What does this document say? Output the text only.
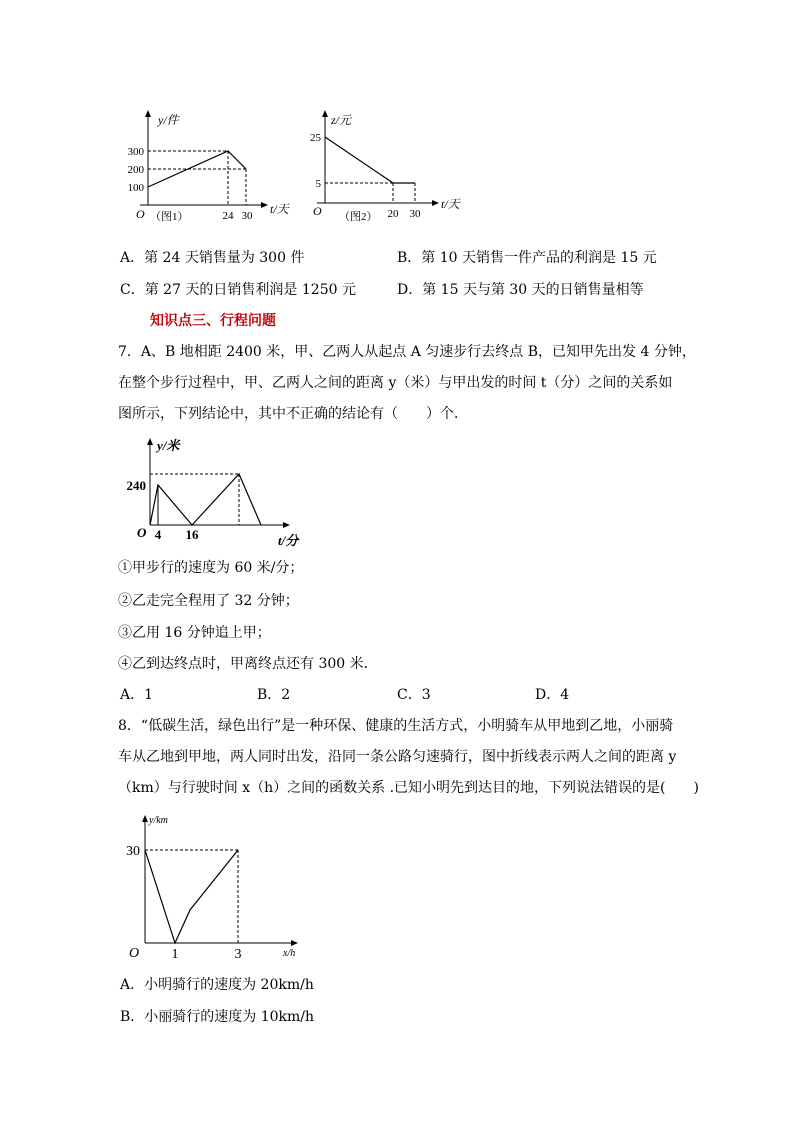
y/件
300
200
100
O （图1）	24 30 t/天
z/元
25
5
O （图2） 20 30
t/天
A．第 24 天销售量为 300 件	B．第 10 天销售一件产品的利润是 15 元
C．第 27 天的日销售利润是 1250 元	D．第 15 天与第 30 天的日销售量相等
知识点三、行程问题
7．A、B 地相距 2400 米，甲、乙两人从起点 A 匀速步行去终点 B，已知甲先出发 4 分钟，
在整个步行过程中，甲、乙两人之间的距离 y（米）与甲出发的时间 t（分）之间的关系如
图所示，下列结论中，其中不正确的结论有（　　）个．
y/米
240
O 4 16	t/分
①甲步行的速度为 60 米/分；
②乙走完全程用了 32 分钟；
③乙用 16 分钟追上甲；
④乙到达终点时，甲离终点还有 300 米．
A．1	B．2	C．3	D．4
8．“低碳生活，绿色出行”是一种环保、健康的生活方式，小明骑车从甲地到乙地，小丽骑
车从乙地到甲地，两人同时出发，沿同一条公路匀速骑行，图中折线表示两人之间的距离 y
（km）与行驶时间 x（h）之间的函数关系 .已知小明先到达目的地，下列说法错误的是(　　)
y/km
30
O 1	3	x/h
A．小明骑行的速度为 20km/h
B．小丽骑行的速度为 10km/h
